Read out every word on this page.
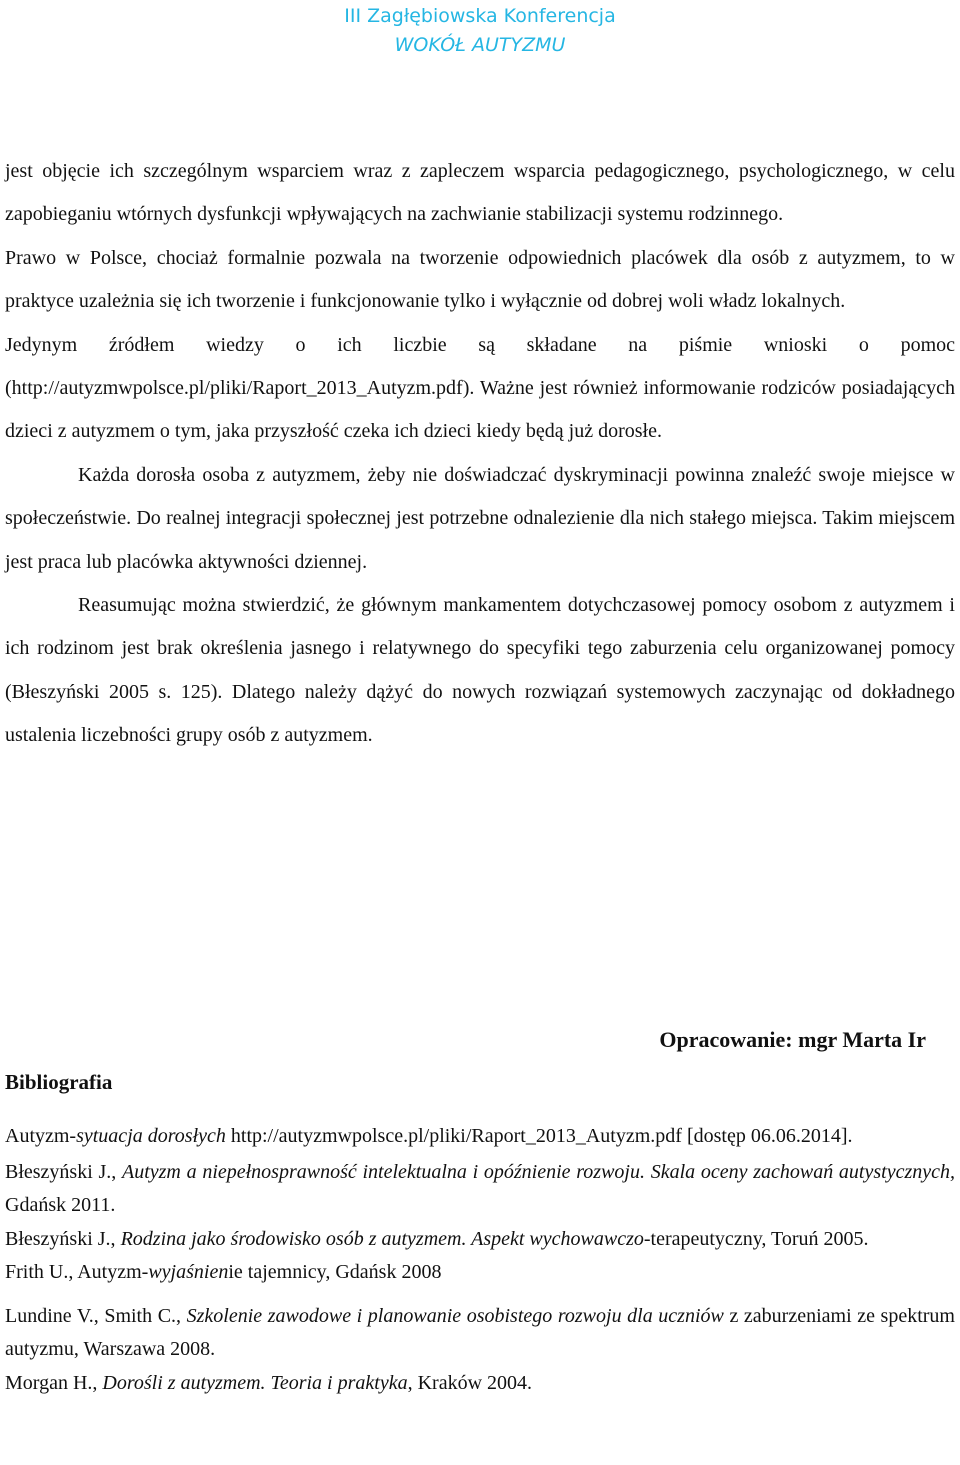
III Zagłębiowska Konferencja
WOKÓŁ AUTYZMU

jest objęcie ich szczególnym wsparciem wraz z zapleczem wsparcia pedagogicznego, psychologicznego, w celu zapobieganiu wtórnych dysfunkcji wpływających na zachwianie stabilizacji systemu rodzinnego.

Prawo w Polsce, chociaż formalnie pozwala na tworzenie odpowiednich placówek dla osób z autyzmem, to w praktyce uzależnia się ich tworzenie i funkcjonowanie tylko i wyłącznie od dobrej woli władz lokalnych.

Jedynym źródłem wiedzy o ich liczbie są składane na piśmie wnioski o pomoc (http://autyzmwpolsce.pl/pliki/Raport_2013_Autyzm.pdf). Ważne jest również informowanie rodziców posiadających dzieci z autyzmem o tym, jaka przyszłość czeka ich dzieci kiedy będą już dorosłe.

Każda dorosła osoba z autyzmem, żeby nie doświadczać dyskryminacji powinna znaleźć swoje miejsce w społeczeństwie. Do realnej integracji społecznej jest potrzebne odnalezienie dla nich stałego miejsca. Takim miejscem jest praca lub placówka aktywności dziennej.

Reasumując można stwierdzić, że głównym mankamentem dotychczasowej pomocy osobom z autyzmem i ich rodzinom jest brak określenia jasnego i relatywnego do specyfiki tego zaburzenia celu organizowanej pomocy (Błeszyński 2005 s. 125). Dlatego należy dążyć do nowych rozwiązań systemowych zaczynając od dokładnego ustalenia liczebności grupy osób z autyzmem.

Opracowanie: mgr Marta Ir
Bibliografia

Autyzm-sytuacja dorosłych http://autyzmwpolsce.pl/pliki/Raport_2013_Autyzm.pdf [dostęp 06.06.2014].

Błeszyński J., Autyzm a niepełnosprawność intelektualna i opóźnienie rozwoju. Skala oceny zachowań autystycznych, Gdańsk 2011.

Błeszyński J., Rodzina jako środowisko osób z autyzmem. Aspekt wychowawczo-terapeutyczny, Toruń 2005.

Frith U., Autyzm-wyjaśnienie tajemnicy, Gdańsk 2008

Lundine V., Smith C., Szkolenie zawodowe i planowanie osobistego rozwoju dla uczniów z zaburzeniami ze spektrum autyzmu, Warszawa 2008.

Morgan H., Dorośli z autyzmem. Teoria i praktyka, Kraków 2004.
